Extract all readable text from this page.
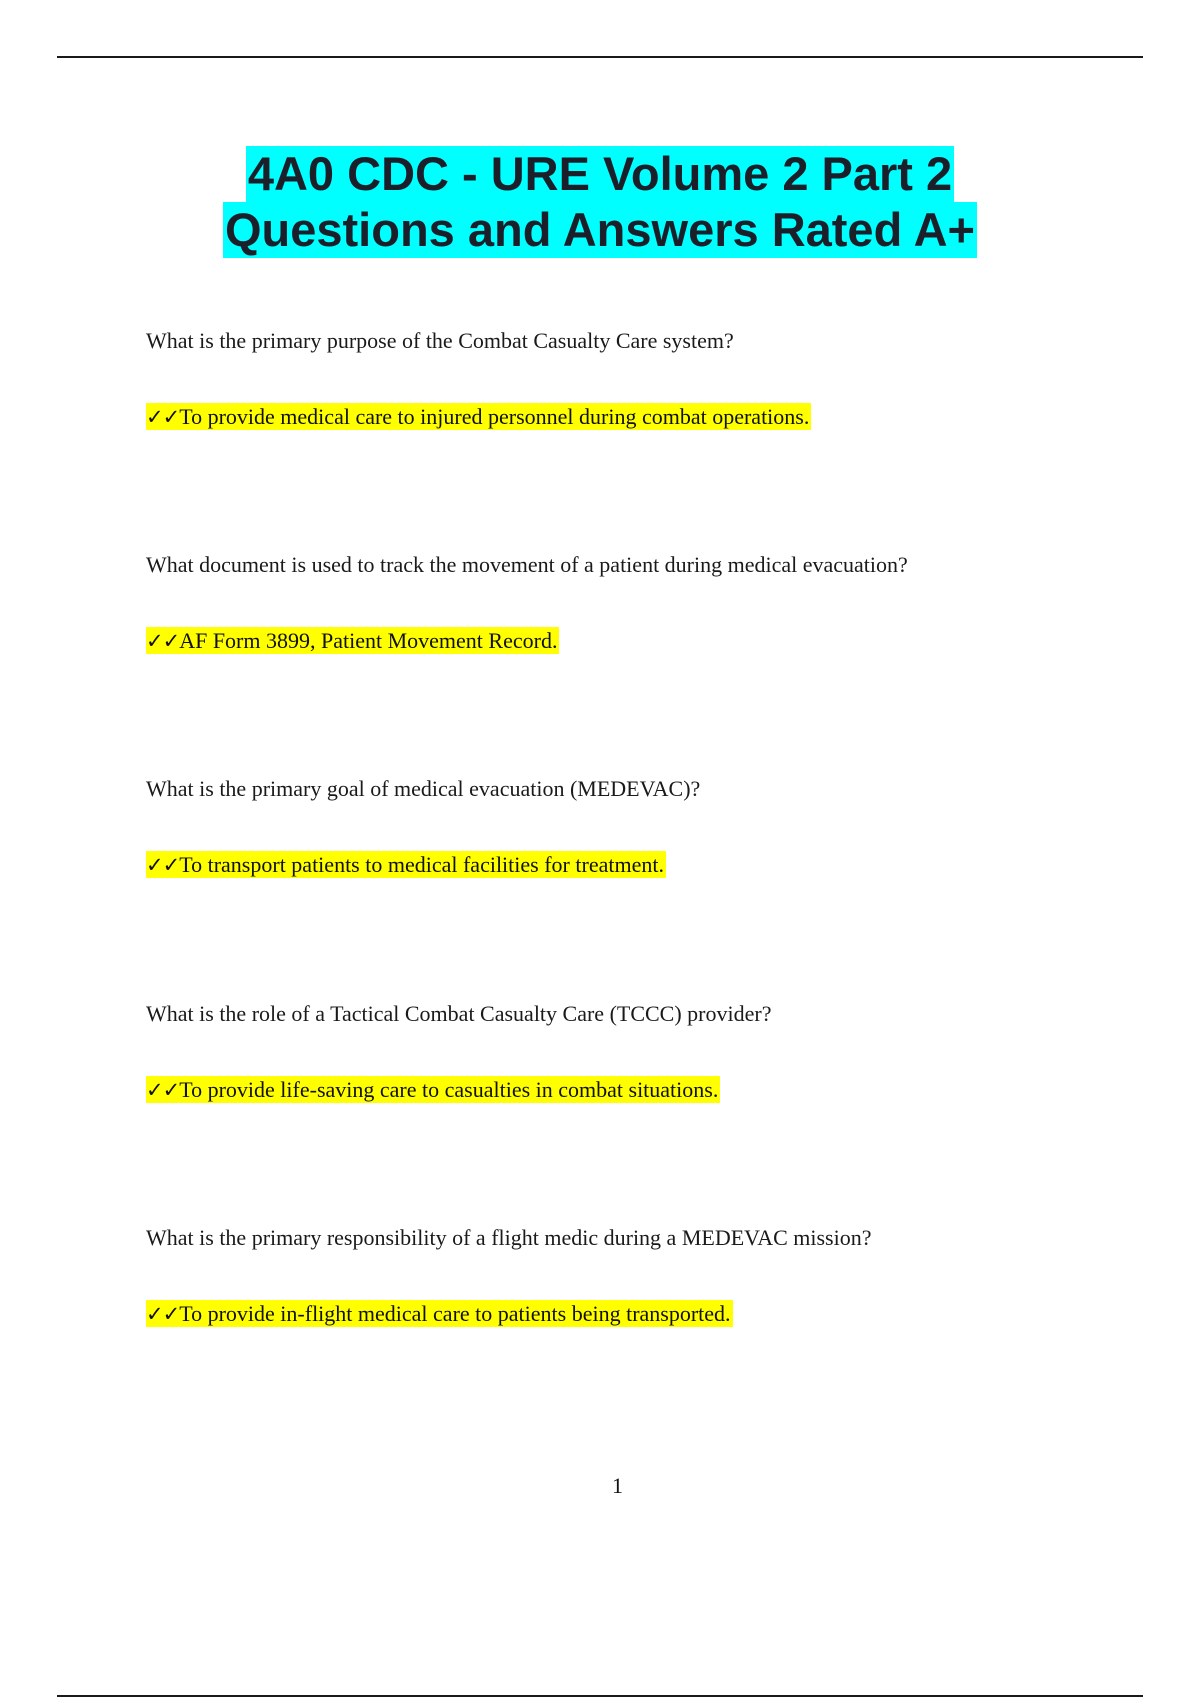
4A0 CDC - URE Volume 2 Part 2
Questions and Answers Rated A+
What is the primary purpose of the Combat Casualty Care system?
✓✓To provide medical care to injured personnel during combat operations.
What document is used to track the movement of a patient during medical evacuation?
✓✓AF Form 3899, Patient Movement Record.
What is the primary goal of medical evacuation (MEDEVAC)?
✓✓To transport patients to medical facilities for treatment.
What is the role of a Tactical Combat Casualty Care (TCCC) provider?
✓✓To provide life-saving care to casualties in combat situations.
What is the primary responsibility of a flight medic during a MEDEVAC mission?
✓✓To provide in-flight medical care to patients being transported.
1
